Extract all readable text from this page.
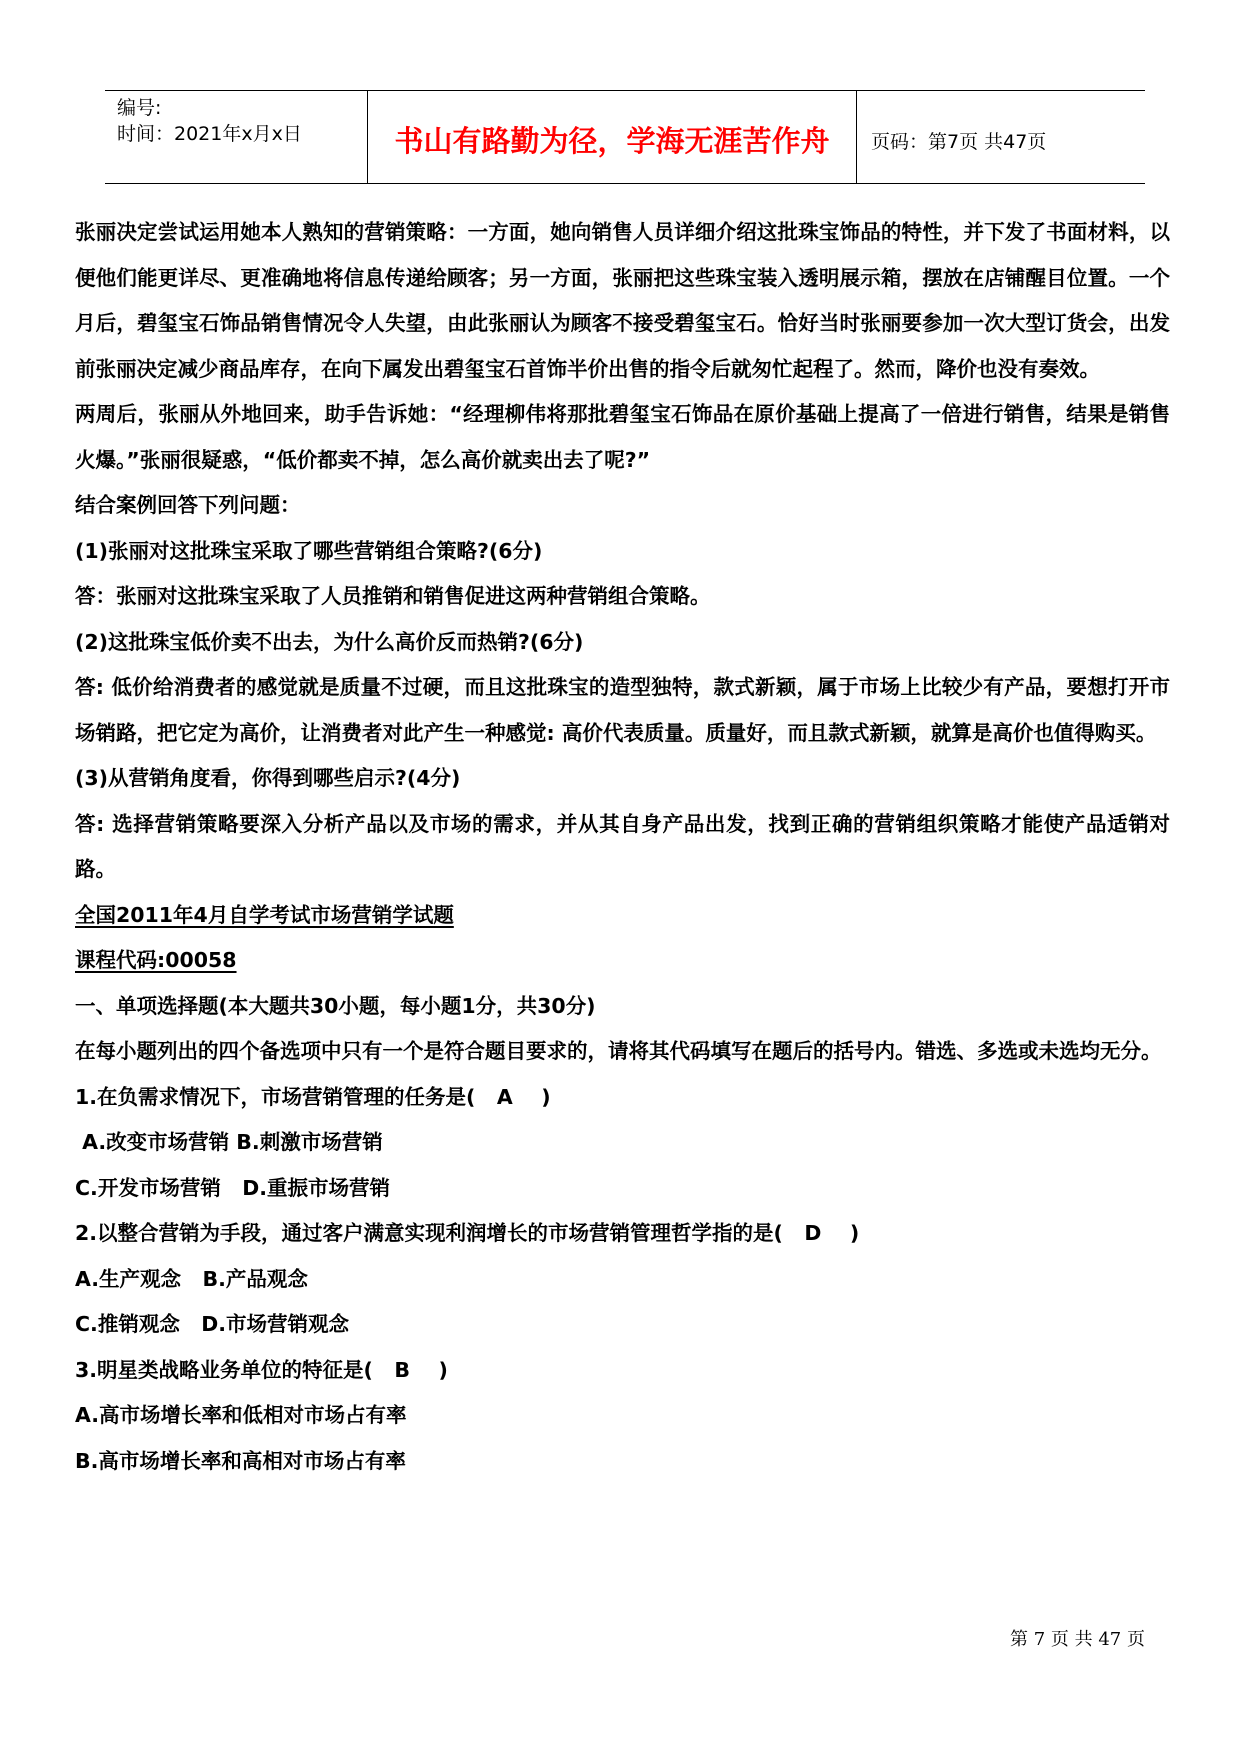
编号:
时间：2021年x月x日	书山有路勤为径，学海无涯苦作舟	页码：第7页 共47页

张丽决定尝试运用她本人熟知的营销策略：一方面，她向销售人员详细介绍这批珠宝饰品的特性，并下发了书面材料，以便他们能更详尽、更准确地将信息传递给顾客；另一方面，张丽把这些珠宝装入透明展示箱，摆放在店铺醒目位置。一个月后，碧玺宝石饰品销售情况令人失望，由此张丽认为顾客不接受碧玺宝石。恰好当时张丽要参加一次大型订货会，出发前张丽决定减少商品库存，在向下属发出碧玺宝石首饰半价出售的指令后就匆忙起程了。然而，降价也没有奏效。

两周后，张丽从外地回来，助手告诉她：“经理柳伟将那批碧玺宝石饰品在原价基础上提高了一倍进行销售，结果是销售火爆。”张丽很疑惑，“低价都卖不掉，怎么高价就卖出去了呢?”

结合案例回答下列问题：

(1)张丽对这批珠宝采取了哪些营销组合策略?(6分)

答：张丽对这批珠宝采取了人员推销和销售促进这两种营销组合策略。

(2)这批珠宝低价卖不出去，为什么高价反而热销?(6分)

答: 低价给消费者的感觉就是质量不过硬，而且这批珠宝的造型独特，款式新颖，属于市场上比较少有产品，要想打开市场销路，把它定为高价，让消费者对此产生一种感觉: 高价代表质量。质量好，而且款式新颖，就算是高价也值得购买。

(3)从营销角度看，你得到哪些启示?(4分)

答: 选择营销策略要深入分析产品以及市场的需求，并从其自身产品出发，找到正确的营销组织策略才能使产品适销对路。

全国2011年4月自学考试市场营销学试题

课程代码:00058

一、单项选择题(本大题共30小题，每小题1分，共30分)

在每小题列出的四个备选项中只有一个是符合题目要求的，请将其代码填写在题后的括号内。错选、多选或未选均无分。

1.在负需求情况下，市场营销管理的任务是(   A    )

A.改变市场营销 B.刺激市场营销

C.开发市场营销   D.重振市场营销

2.以整合营销为手段，通过客户满意实现利润增长的市场营销管理哲学指的是(   D    )

A.生产观念   B.产品观念

C.推销观念   D.市场营销观念

3.明星类战略业务单位的特征是(   B    )

A.高市场增长率和低相对市场占有率

B.高市场增长率和高相对市场占有率

第 7 页 共 47 页
